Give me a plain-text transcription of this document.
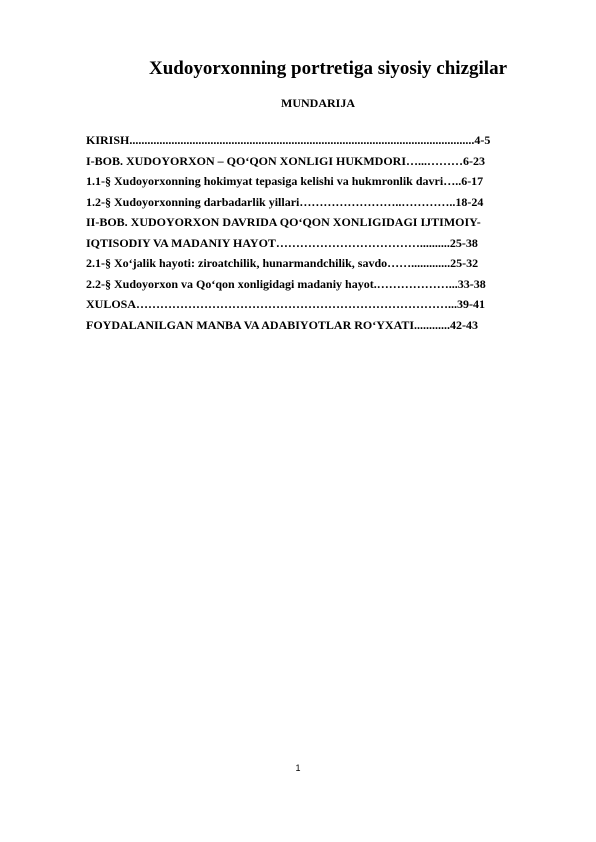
Xudoyorxonning portretiga siyosiy chizgilar
MUNDARIJA
KIRISH...................................................................................................................4-5
I-BOB. XUDOYORXON – QO‘QON XONLIGI HUKMDORI…...………6-23
1.1-§ Xudoyorxonning hokimyat tepasiga kelishi va hukmronlik davri…..6-17
1.2-§ Xudoyorxonning darbadarlik yillari……………………..…………..18-24
II-BOB. XUDOYORXON DAVRIDA QO‘QON XONLIGIDAGI IJTIMOIY-
IQTISODIY VA MADANIY HAYOT………………………………..........25-38
2.1-§ Xo‘jalik hayoti: ziroatchilik, hunarmandchilik, savdo…….............25-32
2.2-§ Xudoyorxon va Qo‘qon xonligidagi madaniy hayot.………………...33-38
XULOSA……………………………………………………………………...39-41
FOYDALANILGAN MANBA VA ADABIYOTLAR RO‘YXATI............42-43
1
